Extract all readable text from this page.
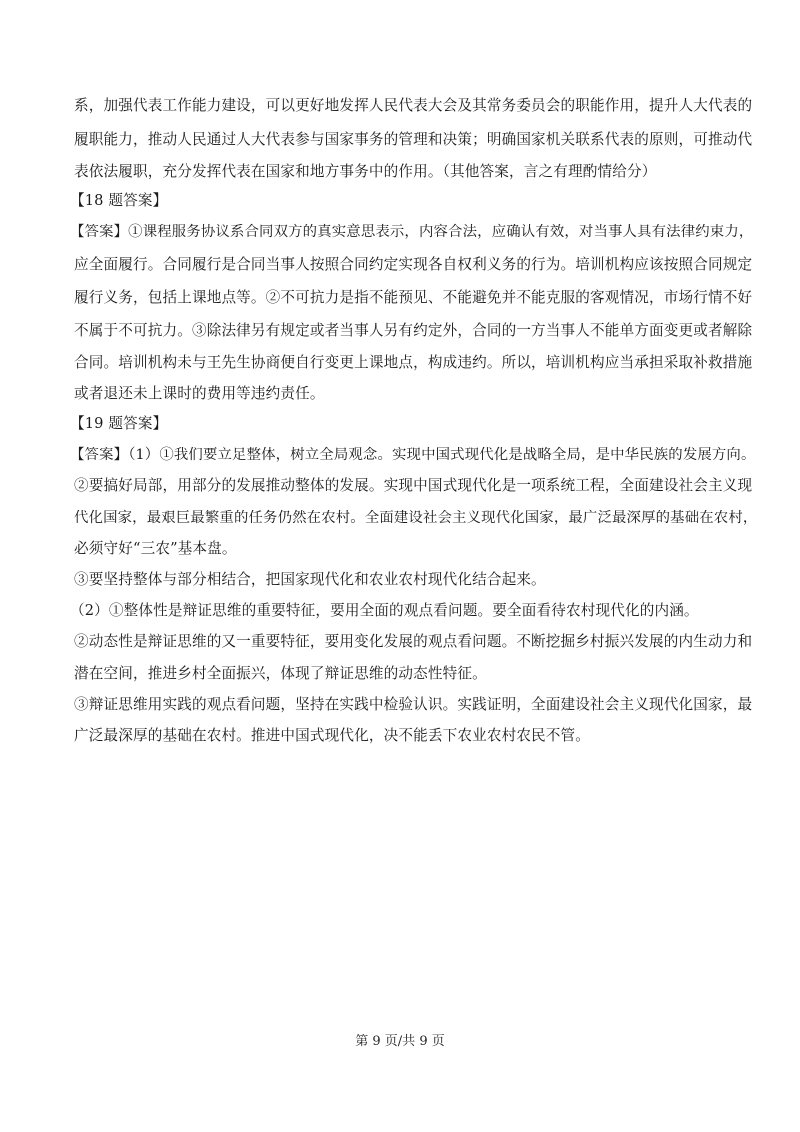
系，加强代表工作能力建设，可以更好地发挥人民代表大会及其常务委员会的职能作用，提升人大代表的
履职能力，推动人民通过人大代表参与国家事务的管理和决策；明确国家机关联系代表的原则，可推动代
表依法履职，充分发挥代表在国家和地方事务中的作用。（其他答案，言之有理酌情给分）
【18 题答案】
【答案】①课程服务协议系合同双方的真实意思表示，内容合法，应确认有效，对当事人具有法律约束力，
应全面履行。合同履行是合同当事人按照合同约定实现各自权利义务的行为。培训机构应该按照合同规定
履行义务，包括上课地点等。②不可抗力是指不能预见、不能避免并不能克服的客观情况，市场行情不好
不属于不可抗力。③除法律另有规定或者当事人另有约定外，合同的一方当事人不能单方面变更或者解除
合同。培训机构未与王先生协商便自行变更上课地点，构成违约。所以，培训机构应当承担采取补救措施
或者退还未上课时的费用等违约责任。
【19 题答案】
【答案】（1）①我们要立足整体，树立全局观念。实现中国式现代化是战略全局，是中华民族的发展方向。
②要搞好局部，用部分的发展推动整体的发展。实现中国式现代化是一项系统工程，全面建设社会主义现
代化国家，最艰巨最繁重的任务仍然在农村。全面建设社会主义现代化国家，最广泛最深厚的基础在农村，
必须守好“三农”基本盘。
③要坚持整体与部分相结合，把国家现代化和农业农村现代化结合起来。
（2）①整体性是辩证思维的重要特征，要用全面的观点看问题。要全面看待农村现代化的内涵。
②动态性是辩证思维的又一重要特征，要用变化发展的观点看问题。不断挖掘乡村振兴发展的内生动力和
潜在空间，推进乡村全面振兴，体现了辩证思维的动态性特征。
③辩证思维用实践的观点看问题，坚持在实践中检验认识。实践证明，全面建设社会主义现代化国家，最
广泛最深厚的基础在农村。推进中国式现代化，决不能丢下农业农村农民不管。
第 9 页/共 9 页
